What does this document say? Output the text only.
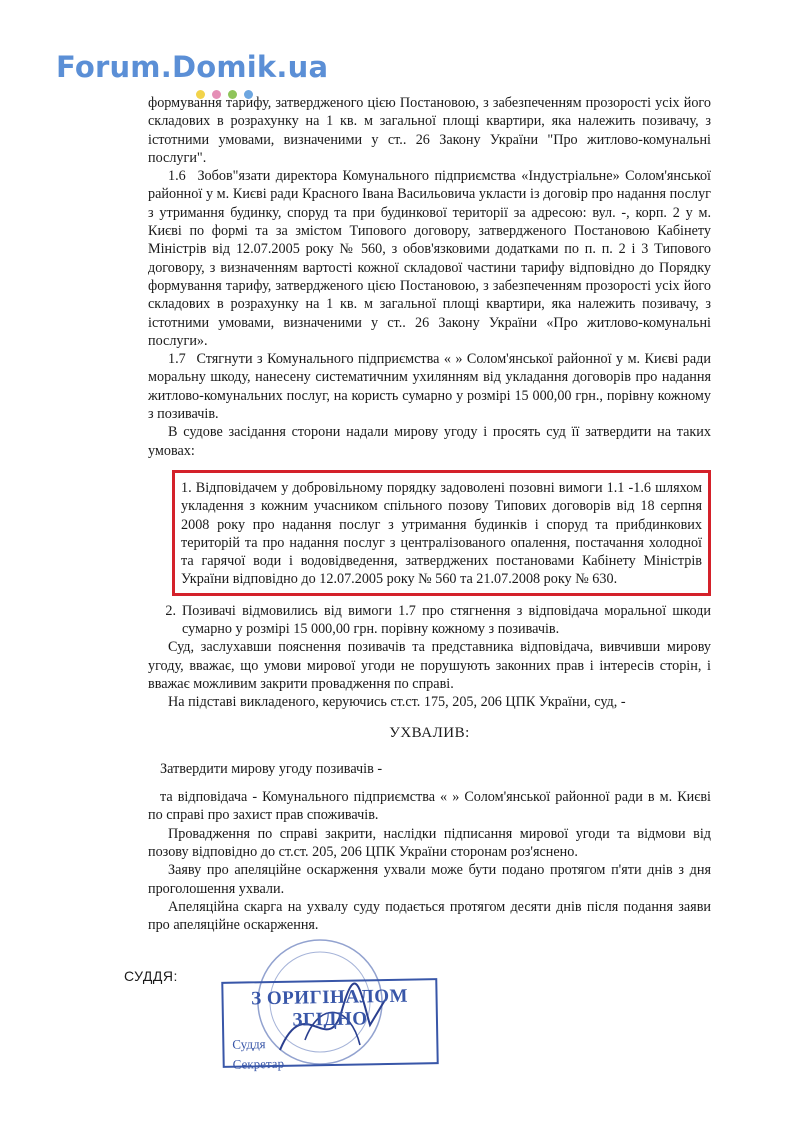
Forum.Domik.ua

формування тарифу, затвердженого цією Постановою, з забезпеченням прозорості усіх його складових в розрахунку на 1 кв. м загальної площі квартири, яка належить позивачу, з істотними умовами, визначеними у ст.. 26 Закону України "Про житлово-комунальні послуги".

1.6 Зобов"язати директора Комунального підприємства «Індустріальне» Солом'янської районної у м. Києві ради Красного Івана Васильовича укласти із договір про надання послуг з утримання будинку, споруд та при будинкової території за адресою: вул. -, корп. 2 у м. Києві по формі та за змістом Типового договору, затвердженого Постановою Кабінету Міністрів від 12.07.2005 року № 560, з обов'язковими додатками по п. п. 2 і 3 Типового договору, з визначенням вартості кожної складової частини тарифу відповідно до Порядку формування тарифу, затвердженого цією Постановою, з забезпеченням прозорості усіх його складових в розрахунку на 1 кв. м загальної площі квартири, яка належить позивачу, з істотними умовами, визначеними у ст.. 26 Закону України «Про житлово-комунальні послуги».

1.7 Стягнути з Комунального підприємства « » Солом'янської районної у м. Києві ради моральну шкоду, нанесену систематичним ухилянням від укладання договорів про надання житлово-комунальних послуг, на користь сумарно у розмірі 15 000,00 грн., порівну кожному з позивачів.

В судове засідання сторони надали мирову угоду і просять суд її затвердити на таких умовах:

1. Відповідачем у добровільному порядку задоволені позовні вимоги 1.1 -1.6 шляхом укладення з кожним учасником спільного позову Типових договорів від 18 серпня 2008 року про надання послуг з утримання будинків і споруд та прибдинкових територій та про надання послуг з централізованого опалення, постачання холодної та гарячої води і водовідведення, затверджених постановами Кабінету Міністрів України відповідно до 12.07.2005 року № 560 та 21.07.2008 року № 630.
2. Позивачі відмовились від вимоги 1.7 про стягнення з відповідача моральної шкоди сумарно у розмірі 15 000,00 грн. порівну кожному з позивачів.

Суд, заслухавши пояснення позивачів та представника відповідача, вивчивши мирову угоду, вважає, що умови мирової угоди не порушують законних прав і інтересів сторін, і вважає можливим закрити провадження по справі.

На підставі викладеного, керуючись ст.ст. 175, 205, 206 ЦПК України, суд, -

УХВАЛИВ:

Затвердити мирову угоду позивачів -

та відповідача - Комунального підприємства « » Солом'янської районної ради в м. Києві по справі про захист прав споживачів.

Провадження по справі закрити, наслідки підписання мирової угоди та відмови від позову відповідно до ст.ст. 205, 206 ЦПК України сторонам роз'яснено.

Заяву про апеляційне оскарження ухвали може бути подано протягом п'яти днів з дня проголошення ухвали.

Апеляційна скарга на ухвалу суду подається протягом десяти днів після подання заяви про апеляційне оскарження.

СУДДЯ:
З ОРИГІНАЛОМ ЗГІДНО
Суддя
Секретар
